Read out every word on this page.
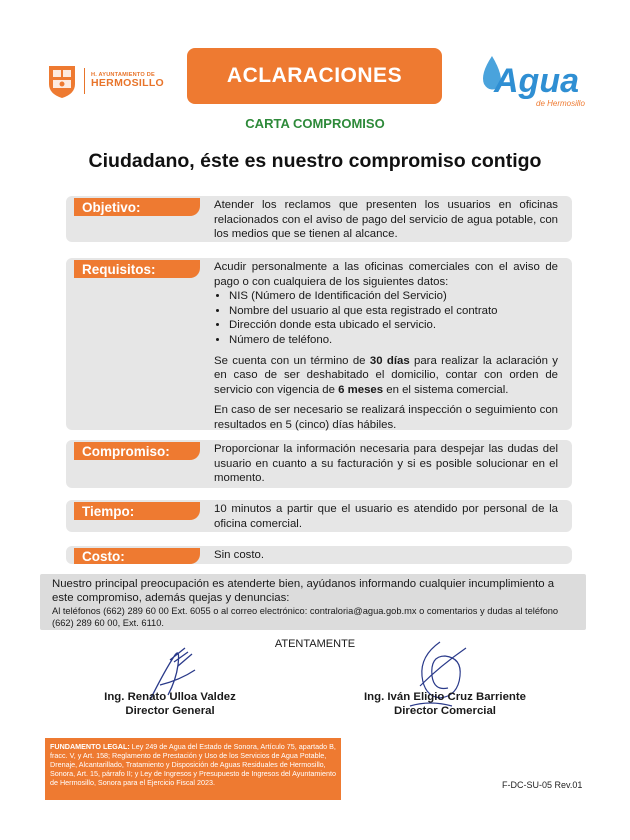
H. AYUNTAMIENTO DE
HERMOSILLO	ACLARACIONES	Agua
de Hermosillo
CARTA COMPROMISO
Ciudadano, éste es nuestro compromiso contigo
Objetivo:	Atender los reclamos que presenten los usuarios en oficinas relacionados con el aviso de pago del servicio de agua potable, con los medios que se tienen al alcance.

Requisitos:	Acudir personalmente a las oficinas comerciales con el aviso de pago o con cualquiera de los siguientes datos:

• NIS (Número de Identificación del Servicio)
• Nombre del usuario al que esta registrado el contrato
• Dirección donde esta ubicado el servicio.
• Número de teléfono.

Se cuenta con un término de 30 días para realizar la aclaración y en caso de ser deshabitado el domicilio, contar con orden de servicio con vigencia de 6 meses en el sistema comercial.

En caso de ser necesario se realizará inspección o seguimiento con resultados en 5 (cinco) días hábiles.

Compromiso:	Proporcionar la información necesaria para despejar las dudas del usuario en cuanto a su facturación y si es posible solucionar en el momento.

Tiempo:	10 minutos a partir que el usuario es atendido por personal de la oficina comercial.

Costo:	Sin costo.

Nuestro principal preocupación es atenderte bien, ayúdanos informando cualquier incumplimiento a este compromiso, además quejas y denuncias:
Al teléfonos (662) 289 60 00 Ext. 6055 o al correo electrónico: contraloria@agua.gob.mx o comentarios y dudas al teléfono (662) 289 60 00, Ext. 6110.
ATENTAMENTE
Ing. Renato Ulloa Valdez
Director General
Ing. Iván Eligio Cruz Barriente
Director Comercial
FUNDAMENTO LEGAL: Ley 249 de Agua del Estado de Sonora, Artículo 75, apartado B, fracc. V, y Art. 158; Reglamento de Prestación y Uso de los Servicios de Agua Potable, Drenaje, Alcantarillado, Tratamiento y Disposición de Aguas Residuales de Hermosillo, Sonora, Art. 15, párrafo II; y Ley de Ingresos y Presupuesto de Ingresos del Ayuntamiento de Hermosillo, Sonora para el Ejercicio Fiscal 2023.	F-DC-SU-05 Rev.01
